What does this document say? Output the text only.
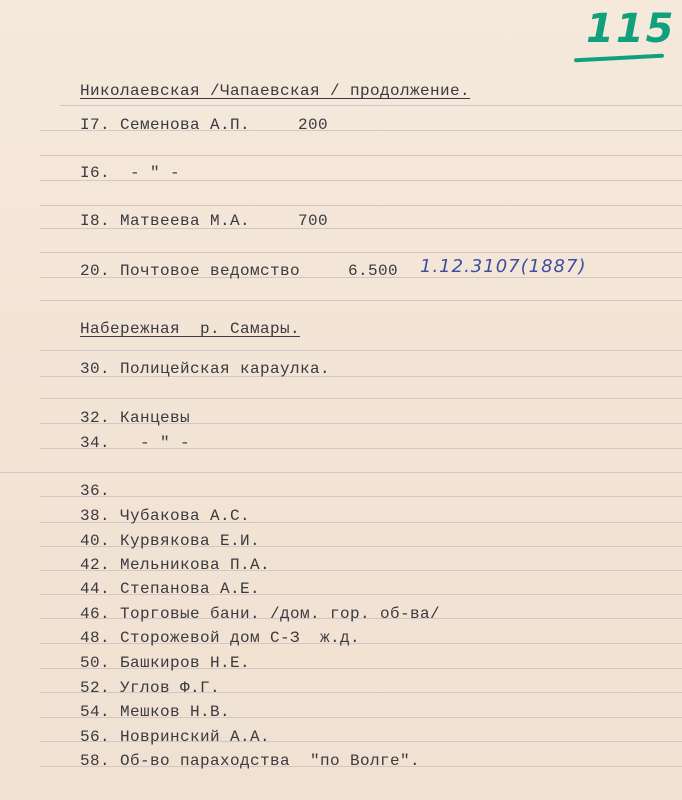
115
Николаевская /Чапаевская / продолжение.
I7. Семенова А.П.	200
I6. - " -
I8. Матвеева М.А.	700
20. Почтовое ведомство	6.500 1.12.3107(1887)
Набережная  р. Самары.
30. Полицейская караулка.
32. Канцевы
34. - " -
36.
38. Чубакова А.С.
40. Курвякова Е.И.
42. Мельникова П.А.
44. Степанова А.Е.
46. Торговые бани. /дом. гор. об-ва/
48. Сторожевой дом С-З  ж.д.
50. Башкиров Н.Е.
52. Углов Ф.Г.
54. Мешков Н.В.
56. Новринский А.А.
58. Об-во параходства  "по Волге".
